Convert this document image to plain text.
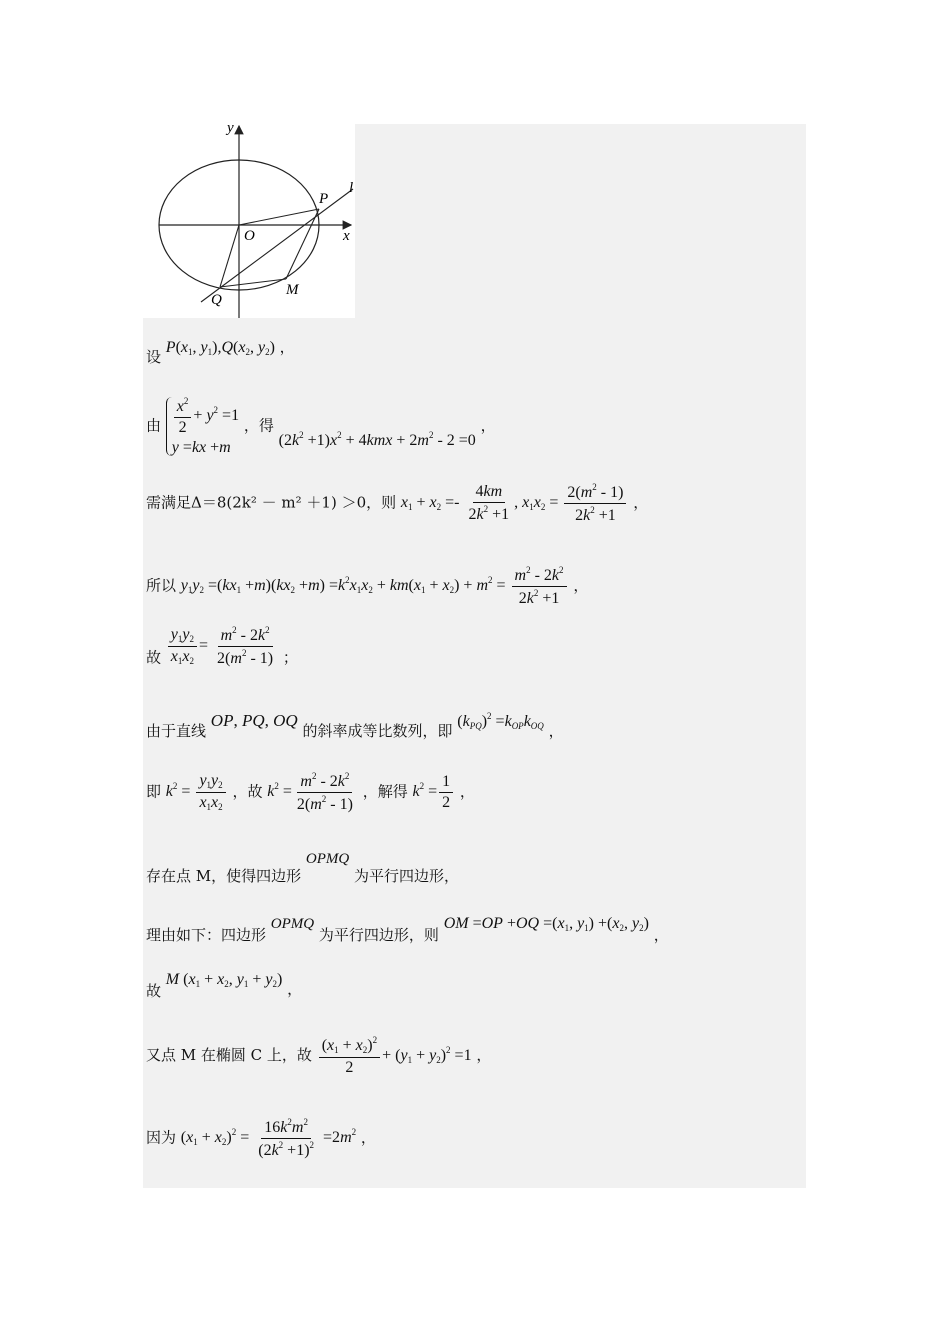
y
x
O
P
l
Q
M
设 $P(x_1$, $y_1),Q(x_2$, $y_2$) ，
由 $\frac{x^2}{2} + y^2 =1$
y =kx +m
，得 $(2k^2 +1)x^2 + 4kmx + 2m^2 - 2 =0$ ，
需满足Δ＝8(2k² － m² ＋1) ＞0，则 $x_1 + x_2 =- \frac{4km}{2k^2 +1}$ , $x_1x_2 = \frac{2(m^2 - 1)}{2k^2 +1}$ ，
所以 $y_1y_2 =(kx_1 +m)(kx_2 +m) =k^2x_1x_2 + km(x_1 + x_2) + m^2 = \frac{m^2 - 2k^2}{2k^2 +1}$ ，
故 $\frac{y_1y_2}{x_1x_2} = \frac{m^2 - 2k^2}{2(m^2 - 1)}$ ；
由于直线 OP, PQ, OQ 的斜率成等比数列，即 $(k_{PQ})^2 =k_{OP}k_{OQ}$ ，
即 $k^2 = \frac{y_1y_2}{x_1x_2}$ ，故 $k^2 = \frac{m^2 - 2k^2}{2(m^2 - 1)}$ ，解得 $k^2 = \frac{1}{2}$ ，
存在点 M，使得四边形 OPMQ 为平行四边形，
理由如下：四边形 OPMQ 为平行四边形，则 OM $=OP +OQ =(x_1$, $y_1) +(x_2$, $y_2$) ，
故 M ($x_1 + x_2$, $y_1 + y_2$) ，
又点 M 在椭圆 C 上，故 $\frac{(x_1 + x_2)^2}{2} + (y_1 + y_2)^2 =1$ ，
因为 $(x_1 + x_2)^2 = \frac{16k^2m^2}{(2k^2 +1)^2} =2m^2$ ，
